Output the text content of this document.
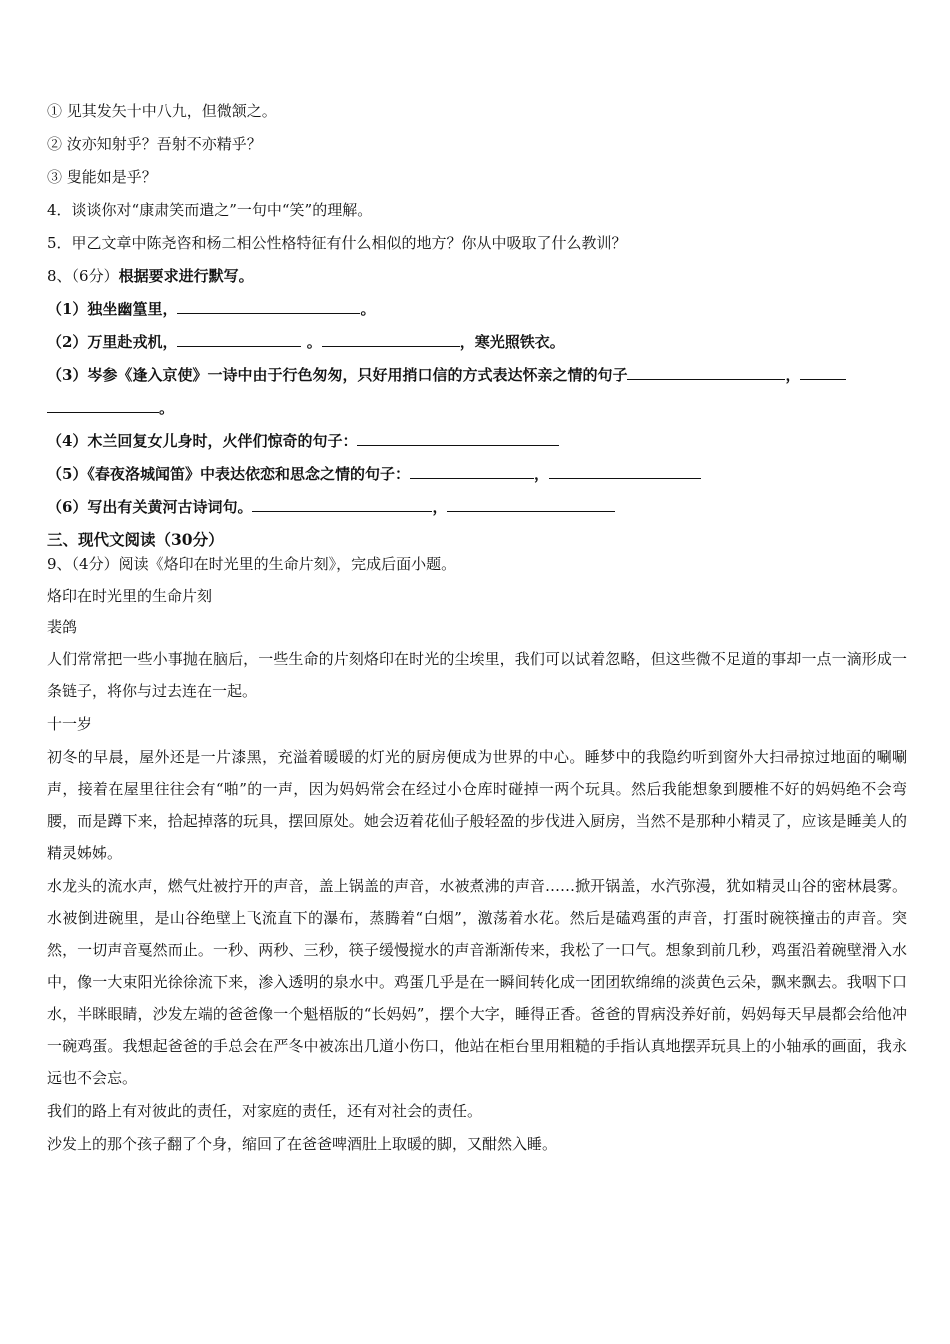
① 见其发矢十中八九，但微颔之。
② 汝亦知射乎？吾射不亦精乎？
③ 叟能如是乎？
4．谈谈你对“康肃笑而遣之”一句中“笑”的理解。
5．甲乙文章中陈尧咨和杨二相公性格特征有什么相似的地方？你从中吸取了什么教训？
8、（6分）根据要求进行默写。
（1）独坐幽篁里，	。
（2）万里赴戎机，	。	，寒光照铁衣。
（3）岑参《逢入京使》一诗中由于行色匆匆，只好用捎口信的方式表达怀亲之情的句子	，
。
（4）木兰回复女儿身时，火伴们惊奇的句子：
（5）《春夜洛城闻笛》中表达依恋和思念之情的句子：	，
（6）写出有关黄河古诗词句。	，
三、现代文阅读（30分）
9、（4分）阅读《烙印在时光里的生命片刻》，完成后面小题。
烙印在时光里的生命片刻
裴鸽
人们常常把一些小事抛在脑后，一些生命的片刻烙印在时光的尘埃里，我们可以试着忽略，但这些微不足道的事却一点一滴形成一条链子，将你与过去连在一起。
十一岁
初冬的早晨，屋外还是一片漆黑，充溢着暖暖的灯光的厨房便成为世界的中心。睡梦中的我隐约听到窗外大扫帚掠过地面的唰唰声，接着在屋里往往会有“啪”的一声，因为妈妈常会在经过小仓库时碰掉一两个玩具。然后我能想象到腰椎不好的妈妈绝不会弯腰，而是蹲下来，拾起掉落的玩具，摆回原处。她会迈着花仙子般轻盈的步伐进入厨房，当然不是那种小精灵了，应该是睡美人的精灵姊姊。
水龙头的流水声，燃气灶被拧开的声音，盖上锅盖的声音，水被煮沸的声音……掀开锅盖，水汽弥漫，犹如精灵山谷的密林晨雾。水被倒进碗里，是山谷绝壁上飞流直下的瀑布，蒸腾着“白烟”，激荡着水花。然后是磕鸡蛋的声音，打蛋时碗筷撞击的声音。突然，一切声音戛然而止。一秒、两秒、三秒，筷子缓慢搅水的声音渐渐传来，我松了一口气。想象到前几秒，鸡蛋沿着碗壁滑入水中，像一大束阳光徐徐流下来，渗入透明的泉水中。鸡蛋几乎是在一瞬间转化成一团团软绵绵的淡黄色云朵，飘来飘去。我咽下口水，半眯眼睛，沙发左端的爸爸像一个魁梧版的“长妈妈”，摆个大字，睡得正香。爸爸的胃病没养好前，妈妈每天早晨都会给他冲一碗鸡蛋。我想起爸爸的手总会在严冬中被冻出几道小伤口，他站在柜台里用粗糙的手指认真地摆弄玩具上的小轴承的画面，我永远也不会忘。
我们的路上有对彼此的责任，对家庭的责任，还有对社会的责任。
沙发上的那个孩子翻了个身，缩回了在爸爸啤酒肚上取暖的脚，又酣然入睡。
